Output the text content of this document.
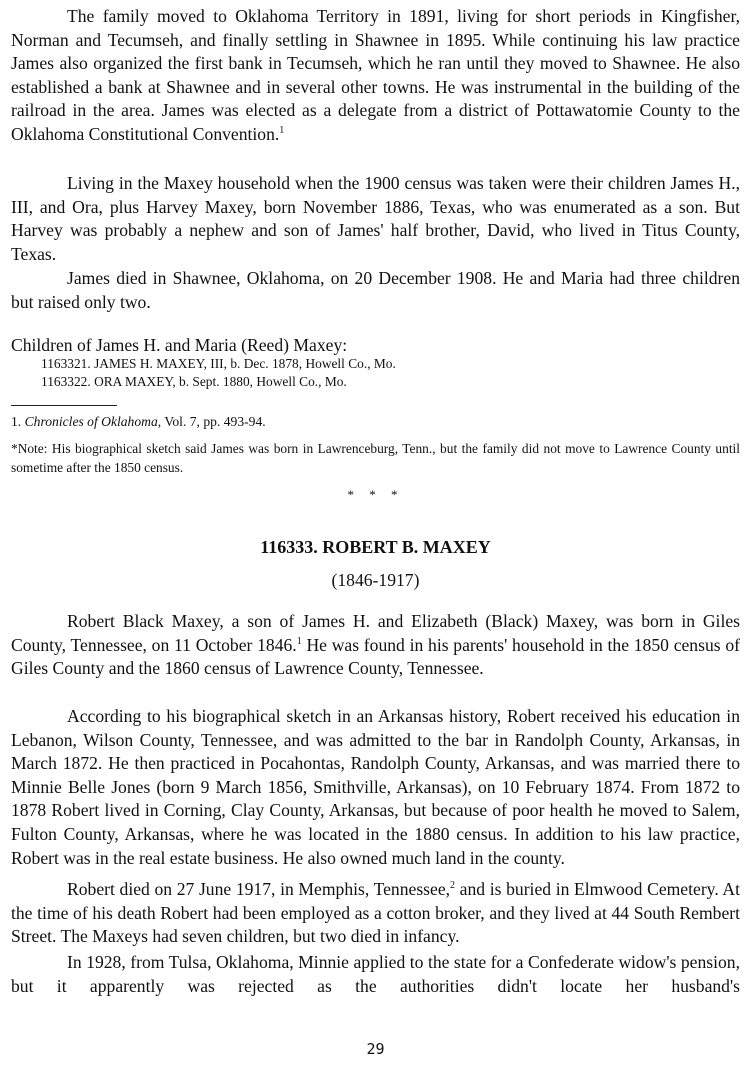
The family moved to Oklahoma Territory in 1891, living for short periods in Kingfisher, Norman and Tecumseh, and finally settling in Shawnee in 1895. While continuing his law practice James also organized the first bank in Tecumseh, which he ran until they moved to Shawnee. He also established a bank at Shawnee and in several other towns. He was instrumental in the building of the railroad in the area. James was elected as a delegate from a district of Pottawatomie County to the Oklahoma Constitutional Convention.$^1$

Living in the Maxey household when the 1900 census was taken were their children James H., III, and Ora, plus Harvey Maxey, born November 1886, Texas, who was enumerated as a son. But Harvey was probably a nephew and son of James' half brother, David, who lived in Titus County, Texas.

James died in Shawnee, Oklahoma, on 20 December 1908. He and Maria had three children but raised only two.

Children of James H. and Maria (Reed) Maxey:
1163321. JAMES H. MAXEY, III, b. Dec. 1878, Howell Co., Mo.
1163322. ORA MAXEY, b. Sept. 1880, Howell Co., Mo.
1. Chronicles of Oklahoma, Vol. 7, pp. 493-94.
*Note: His biographical sketch said James was born in Lawrenceburg, Tenn., but the family did not move to Lawrence County until sometime after the 1850 census.
* * *
116333. ROBERT B. MAXEY
(1846-1917)

Robert Black Maxey, a son of James H. and Elizabeth (Black) Maxey, was born in Giles County, Tennessee, on 11 October 1846.$^1$ He was found in his parents' household in the 1850 census of Giles County and the 1860 census of Lawrence County, Tennessee.

According to his biographical sketch in an Arkansas history, Robert received his education in Lebanon, Wilson County, Tennessee, and was admitted to the bar in Randolph County, Arkansas, in March 1872. He then practiced in Pocahontas, Randolph County, Arkansas, and was married there to Minnie Belle Jones (born 9 March 1856, Smithville, Arkansas), on 10 February 1874. From 1872 to 1878 Robert lived in Corning, Clay County, Arkansas, but because of poor health he moved to Salem, Fulton County, Arkansas, where he was located in the 1880 census. In addition to his law practice, Robert was in the real estate business. He also owned much land in the county.

Robert died on 27 June 1917, in Memphis, Tennessee,$^2$ and is buried in Elmwood Cemetery. At the time of his death Robert had been employed as a cotton broker, and they lived at 44 South Rembert Street. The Maxeys had seven children, but two died in infancy.

In 1928, from Tulsa, Oklahoma, Minnie applied to the state for a Confederate widow's pension, but it apparently was rejected as the authorities didn't locate her husband's

29
